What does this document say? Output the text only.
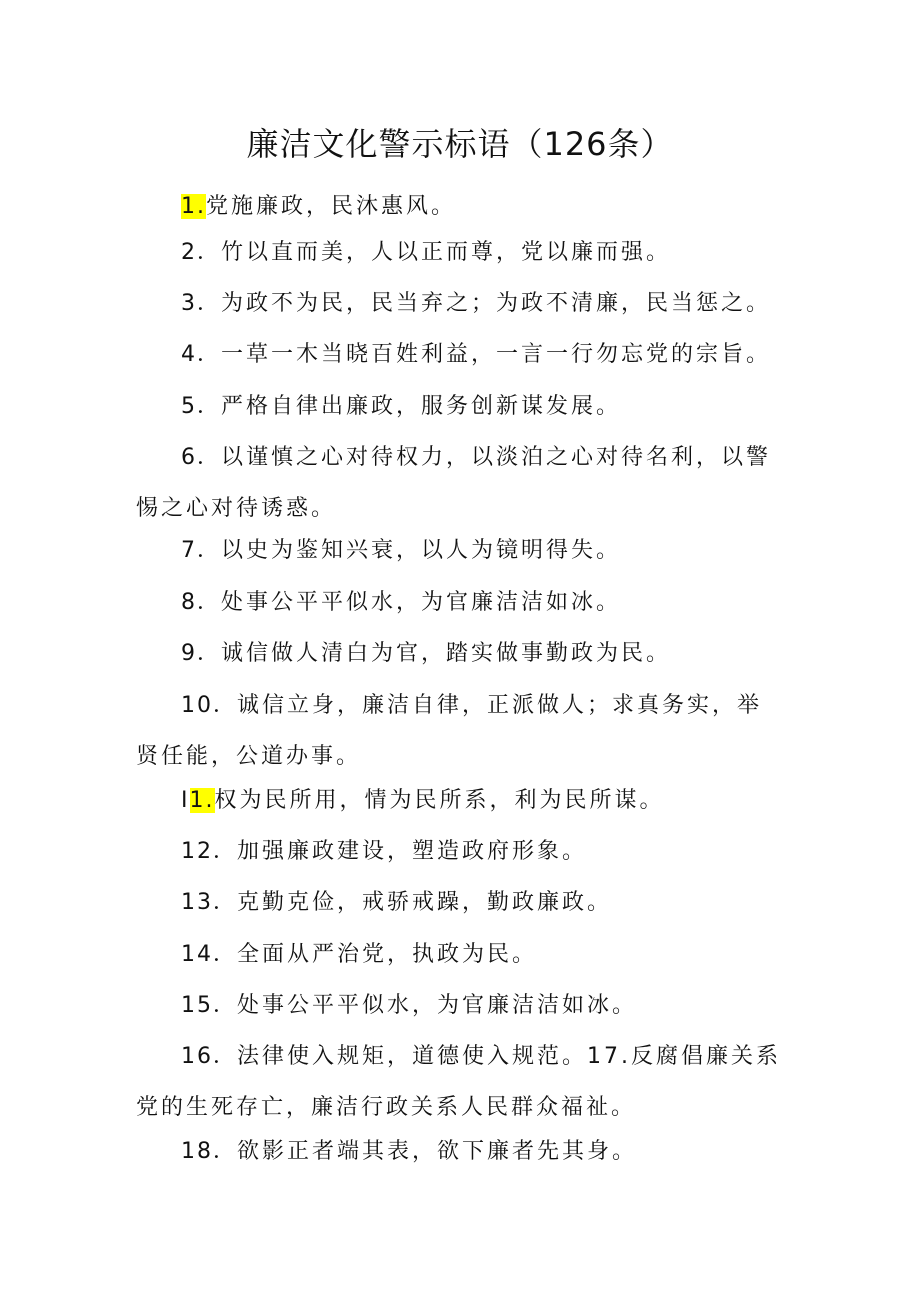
廉洁文化警示标语（126条）

1.党施廉政，民沐惠风。

2．竹以直而美，人以正而尊，党以廉而强。

3．为政不为民，民当弃之；为政不清廉，民当惩之。

4．一草一木当晓百姓利益，一言一行勿忘党的宗旨。

5．严格自律出廉政，服务创新谋发展。

6．以谨慎之心对待权力，以淡泊之心对待名利，以警惕之心对待诱惑。

7．以史为鉴知兴衰，以人为镜明得失。

8．处事公平平似水，为官廉洁洁如冰。

9．诚信做人清白为官，踏实做事勤政为民。

10．诚信立身，廉洁自律，正派做人；求真务实，举贤任能，公道办事。

I1.权为民所用，情为民所系，利为民所谋。

12．加强廉政建设，塑造政府形象。

13．克勤克俭，戒骄戒躁，勤政廉政。

14．全面从严治党，执政为民。

15．处事公平平似水，为官廉洁洁如冰。

16．法律使入规矩，道德使入规范。17.反腐倡廉关系党的生死存亡，廉洁行政关系人民群众福祉。

18．欲影正者端其表，欲下廉者先其身。
